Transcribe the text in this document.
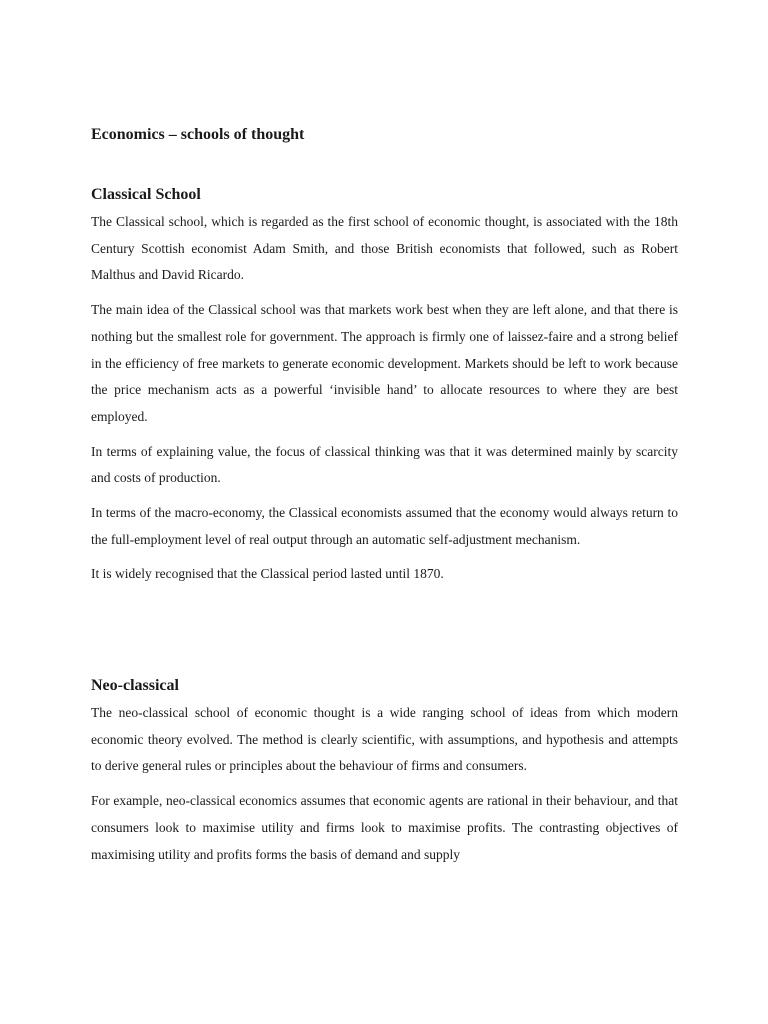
Economics – schools of thought
Classical School

The Classical school, which is regarded as the first school of economic thought, is associated with the 18th Century Scottish economist Adam Smith, and those British economists that followed, such as Robert Malthus and David Ricardo.

The main idea of the Classical school was that markets work best when they are left alone, and that there is nothing but the smallest role for government. The approach is firmly one of laissez-faire and a strong belief in the efficiency of free markets to generate economic development. Markets should be left to work because the price mechanism acts as a powerful ‘invisible hand’ to allocate resources to where they are best employed.

In terms of explaining value, the focus of classical thinking was that it was determined mainly by scarcity and costs of production.

In terms of the macro-economy, the Classical economists assumed that the economy would always return to the full-employment level of real output through an automatic self-adjustment mechanism.

It is widely recognised that the Classical period lasted until 1870.

Neo-classical

The neo-classical school of economic thought is a wide ranging school of ideas from which modern economic theory evolved. The method is clearly scientific, with assumptions, and hypothesis and attempts to derive general rules or principles about the behaviour of firms and consumers.

For example, neo-classical economics assumes that economic agents are rational in their behaviour, and that consumers look to maximise utility and firms look to maximise profits. The contrasting objectives of maximising utility and profits forms the basis of demand and supply
